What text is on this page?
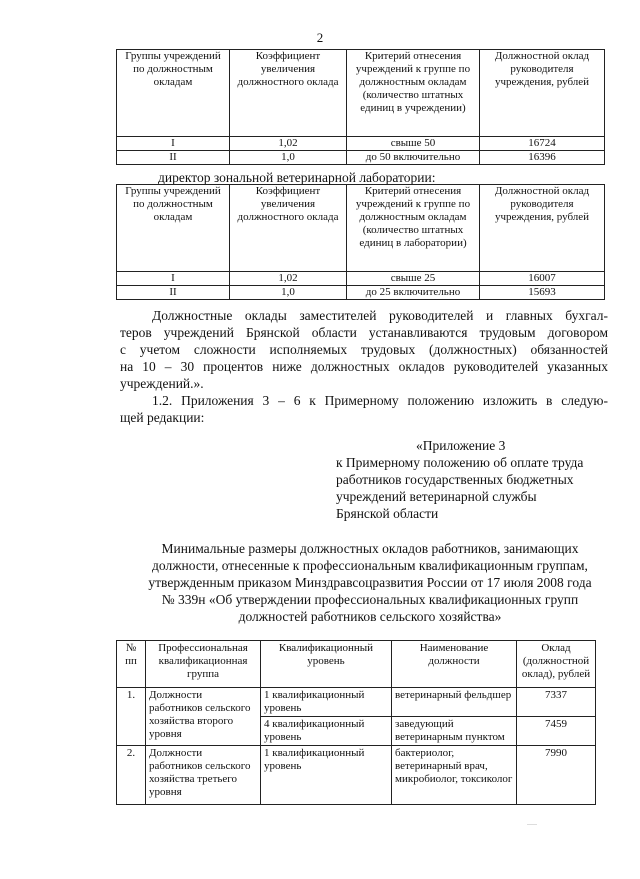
2
Группы учреждений по должностным окладам	Коэффициент увеличения должностного оклада	Критерий отнесения учреждений к группе по должностным окладам (количество штатных единиц в учреждении)	Должностной оклад руководителя учреждения, рублей
I	1,02	свыше 50	16724
II	1,0	до 50 включительно	16396
директор зональной ветеринарной лаборатории:
Группы учреждений по должностным окладам	Коэффициент увеличения должностного оклада	Критерий отнесения учреждений к группе по должностным окладам (количество штатных единиц в лаборатории)	Должностной оклад руководителя учреждения, рублей
I	1,02	свыше 25	16007
II	1,0	до 25 включительно	15693
Должностные оклады заместителей руководителей и главных бухгал-
теров учреждений Брянской области устанавливаются трудовым договором
с учетом сложности исполняемых трудовых (должностных) обязанностей
на 10 – 30 процентов ниже должностных окладов руководителей указанных
учреждений.».
1.2. Приложения 3 – 6 к Примерному положению изложить в следую-
щей редакции:
«Приложение 3
к Примерному положению об оплате труда
работников государственных бюджетных
учреждений ветеринарной службы
Брянской области
Минимальные размеры должностных окладов работников, занимающих
должности, отнесенные к профессиональным квалификационным группам,
утвержденным приказом Минздравсоцразвития России от 17 июля 2008 года
№ 339н «Об утверждении профессиональных квалификационных групп
должностей работников сельского хозяйства»
№ пп	Профессиональная квалификационная группа	Квалификационный уровень	Наименование должности	Оклад (должностной оклад), рублей
1.	Должности работников сельского хозяйства второго уровня	1 квалификационный уровень	ветеринарный фельдшер	7337
		4 квалификационный уровень	заведующий ветеринарным пунктом	7459
2.	Должности работников сельского хозяйства третьего уровня	1 квалификационный уровень	бактериолог, ветеринарный врач, микробиолог, токсиколог	7990
